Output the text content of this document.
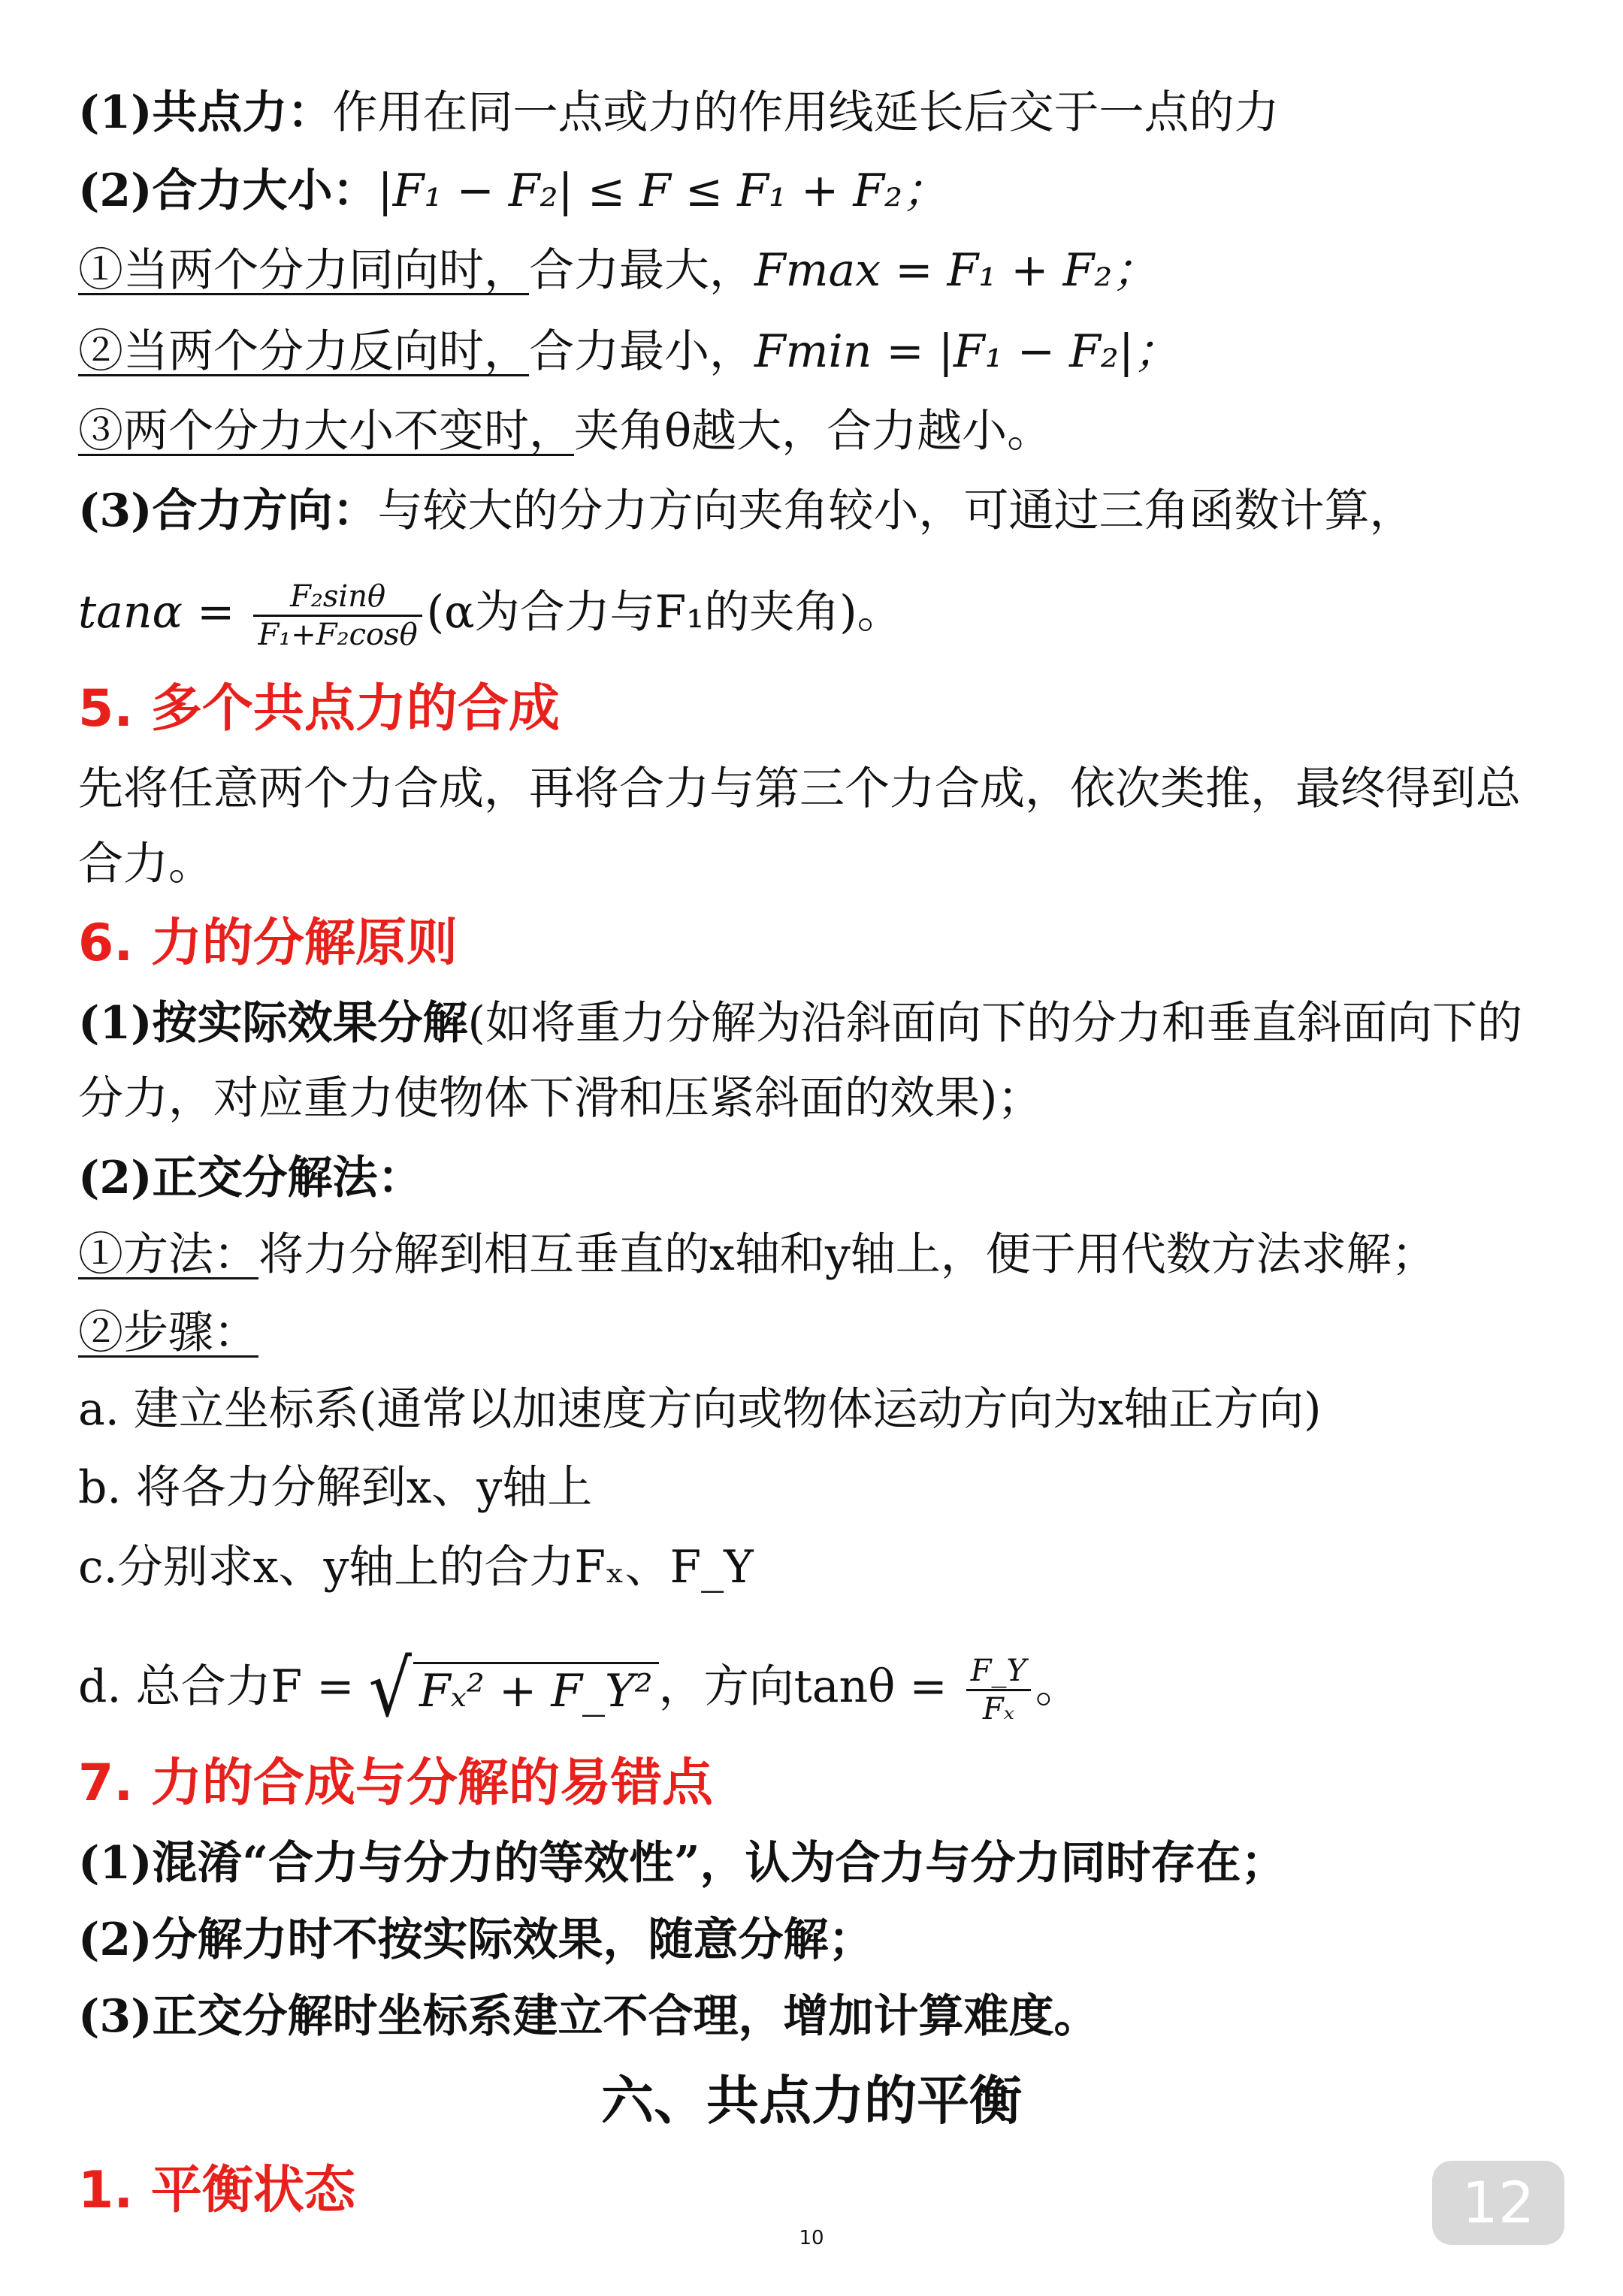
(1)共点力：作用在同一点或力的作用线延长后交于一点的力
(2)合力大小：|F₁ − F₂| ≤ F ≤ F₁ + F₂；
①当两个分力同向时，合力最大，Fmax = F₁ + F₂；
②当两个分力反向时，合力最小，Fmin = |F₁ − F₂|；
③两个分力大小不变时，夹角θ越大，合力越小。
(3)合力方向：与较大的分力方向夹角较小，可通过三角函数计算，
$\tan\alpha = \frac{\text{F₂sinθ}}{\text{F₁+F₂cosθ}} (\alpha$为合力与F₁的夹角)。
5. 多个共点力的合成
先将任意两个力合成，再将合力与第三个力合成，依次类推，最终得到总合力。
6. 力的分解原则
(1)按实际效果分解(如将重力分解为沿斜面向下的分力和垂直斜面向下的分力，对应重力使物体下滑和压紧斜面的效果)；
(2)正交分解法：
①方法：将力分解到相互垂直的x轴和y轴上，便于用代数方法求解；
②步骤：
a. 建立坐标系(通常以加速度方向或物体运动方向为x轴正方向)
b. 将各力分解到x、y轴上
c.分别求x、y轴上的合力Fₓ、F_Y
d. 总合力F = √ Fₓ² + F_Y² ，方向$\tan\theta = \frac{F\_Y}{\text{Fₓ}}$ 。
7. 力的合成与分解的易错点
(1)混淆“合力与分力的等效性”，认为合力与分力同时存在；
(2)分解力时不按实际效果，随意分解；
(3)正交分解时坐标系建立不合理，增加计算难度。
六、共点力的平衡
1. 平衡状态	12
10
